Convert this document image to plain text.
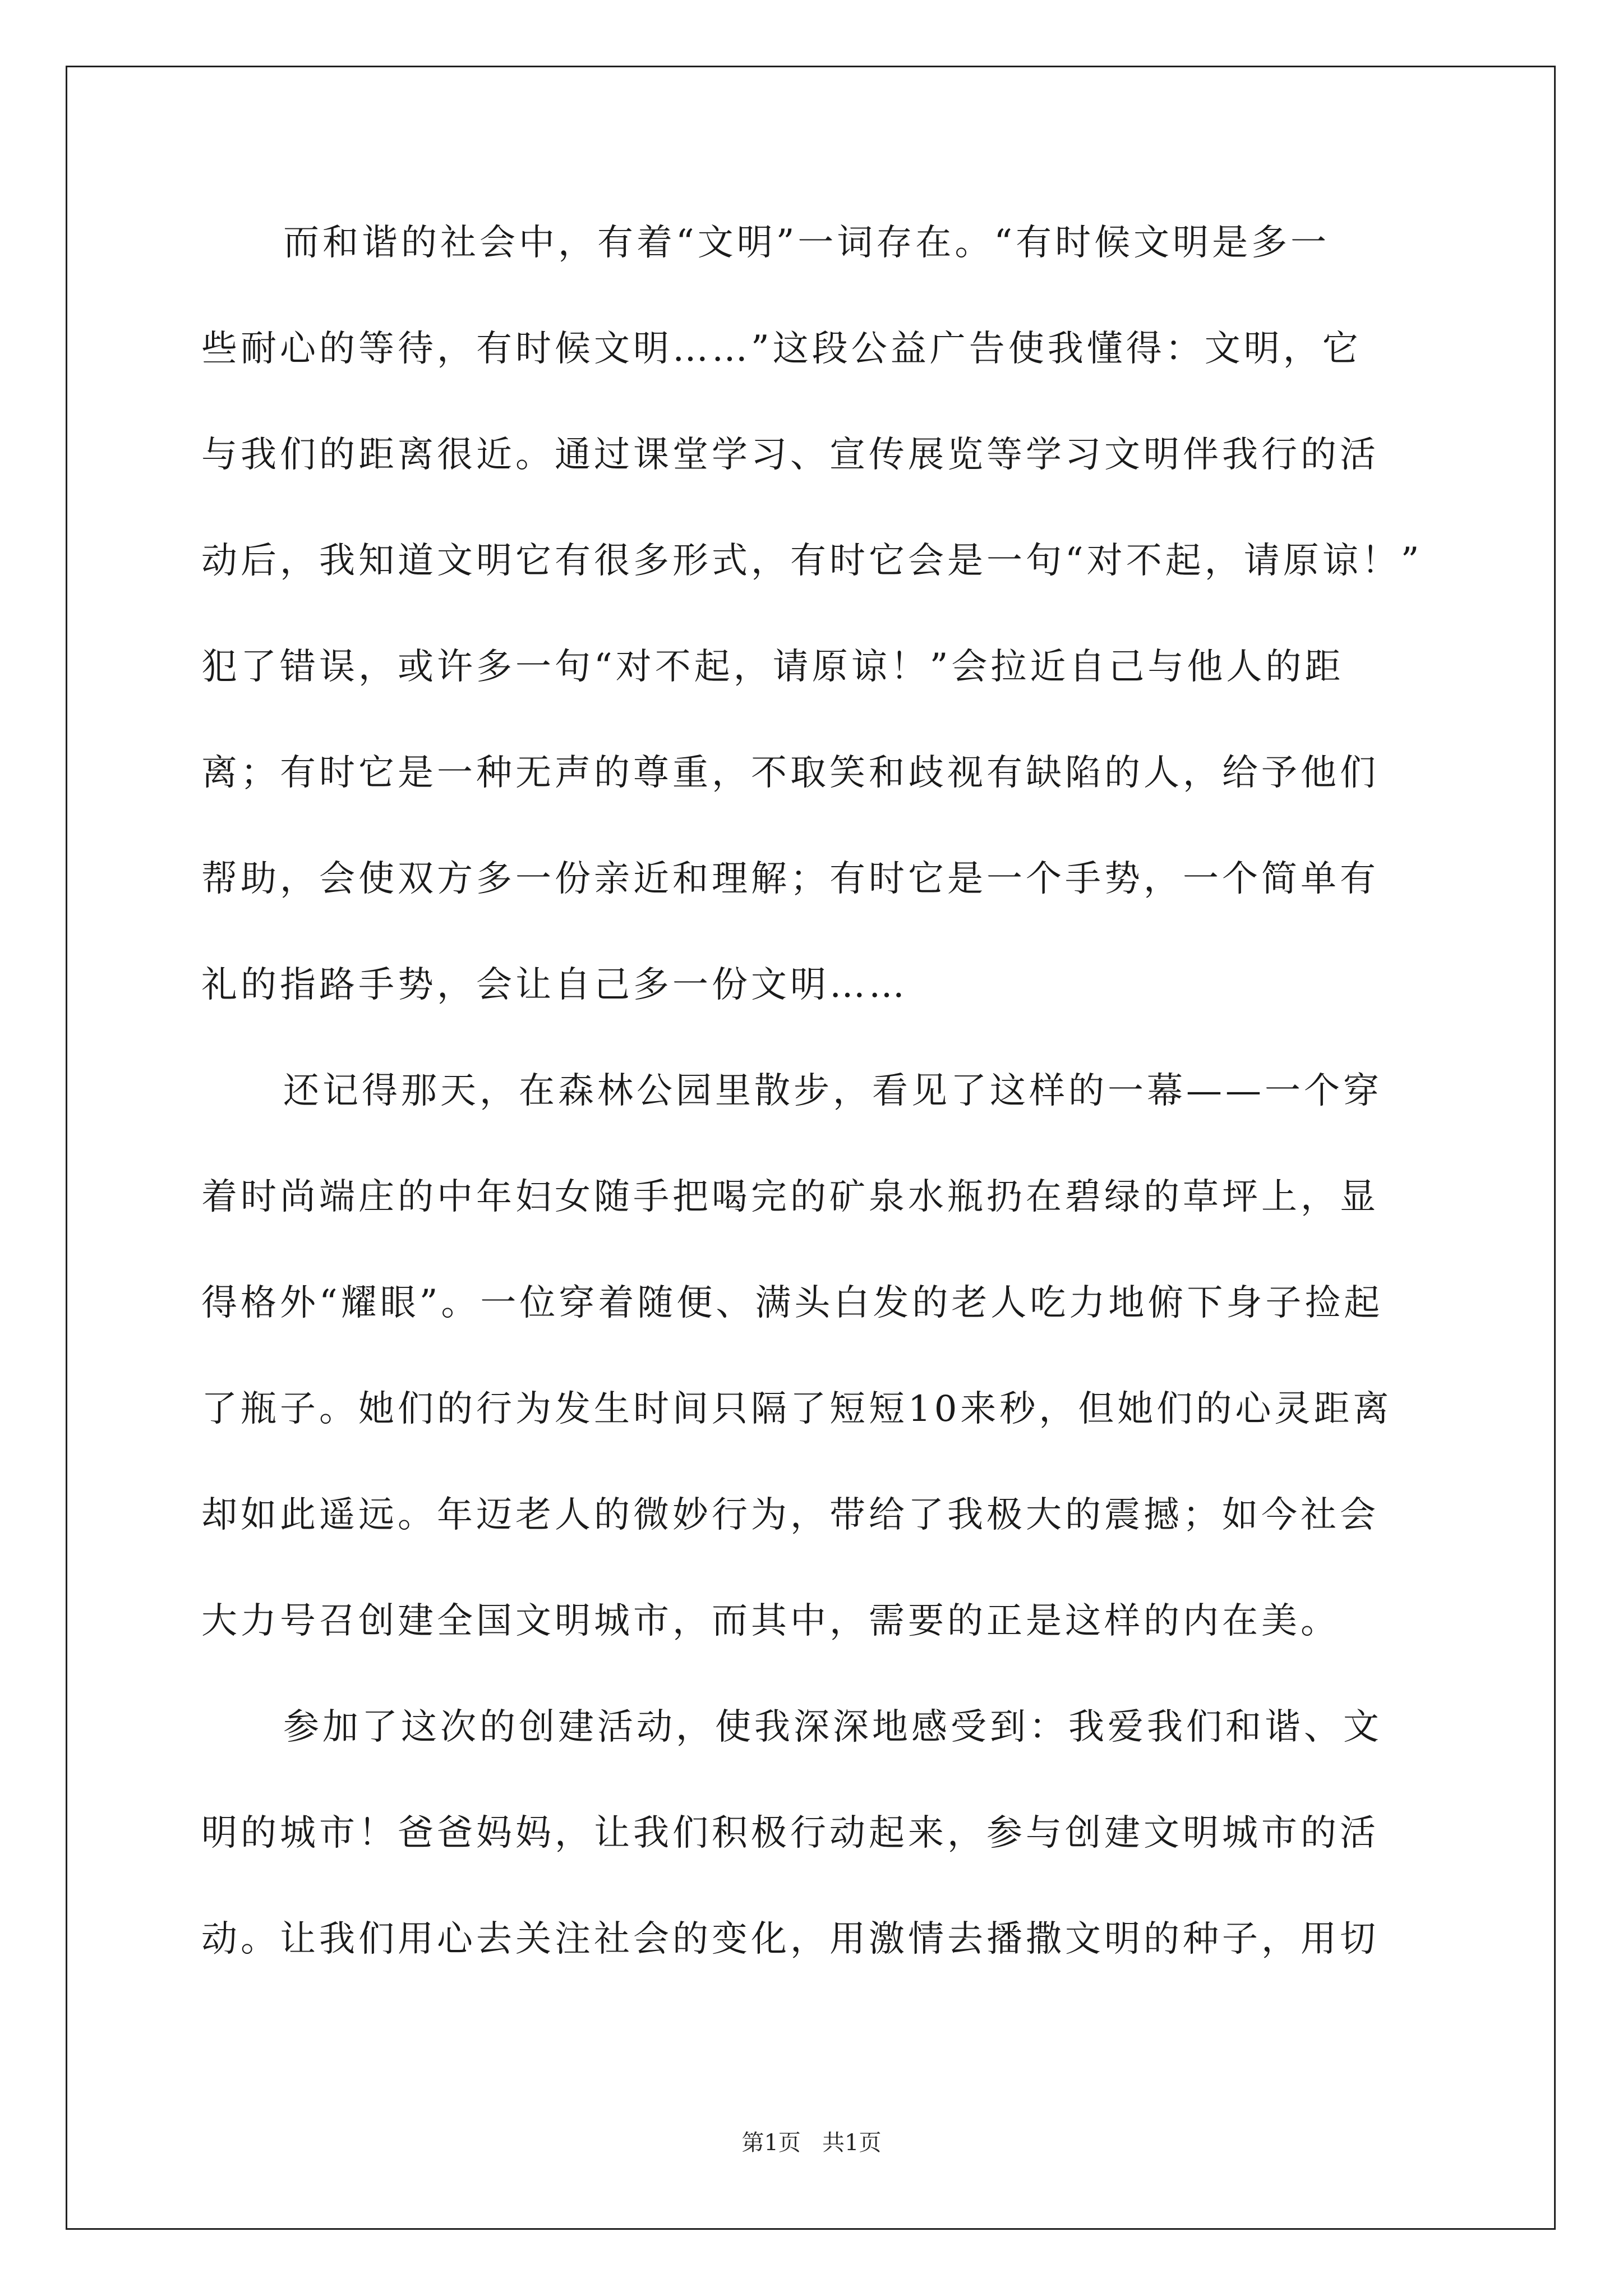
而和谐的社会中，有着“文明”一词存在。“有时候文明是多一
些耐心的等待，有时候文明……”这段公益广告使我懂得：文明，它
与我们的距离很近。通过课堂学习、宣传展览等学习文明伴我行的活
动后，我知道文明它有很多形式，有时它会是一句“对不起，请原谅！”
犯了错误，或许多一句“对不起，请原谅！”会拉近自己与他人的距
离；有时它是一种无声的尊重，不取笑和歧视有缺陷的人，给予他们
帮助，会使双方多一份亲近和理解；有时它是一个手势，一个简单有
礼的指路手势，会让自己多一份文明……
还记得那天，在森林公园里散步，看见了这样的一幕——一个穿
着时尚端庄的中年妇女随手把喝完的矿泉水瓶扔在碧绿的草坪上，显
得格外“耀眼”。一位穿着随便、满头白发的老人吃力地俯下身子捡起
了瓶子。她们的行为发生时间只隔了短短10来秒，但她们的心灵距离
却如此遥远。年迈老人的微妙行为，带给了我极大的震撼；如今社会
大力号召创建全国文明城市，而其中，需要的正是这样的内在美。
参加了这次的创建活动，使我深深地感受到：我爱我们和谐、文
明的城市！爸爸妈妈，让我们积极行动起来，参与创建文明城市的活
动。让我们用心去关注社会的变化，用激情去播撒文明的种子，用切
第1页   共1页
